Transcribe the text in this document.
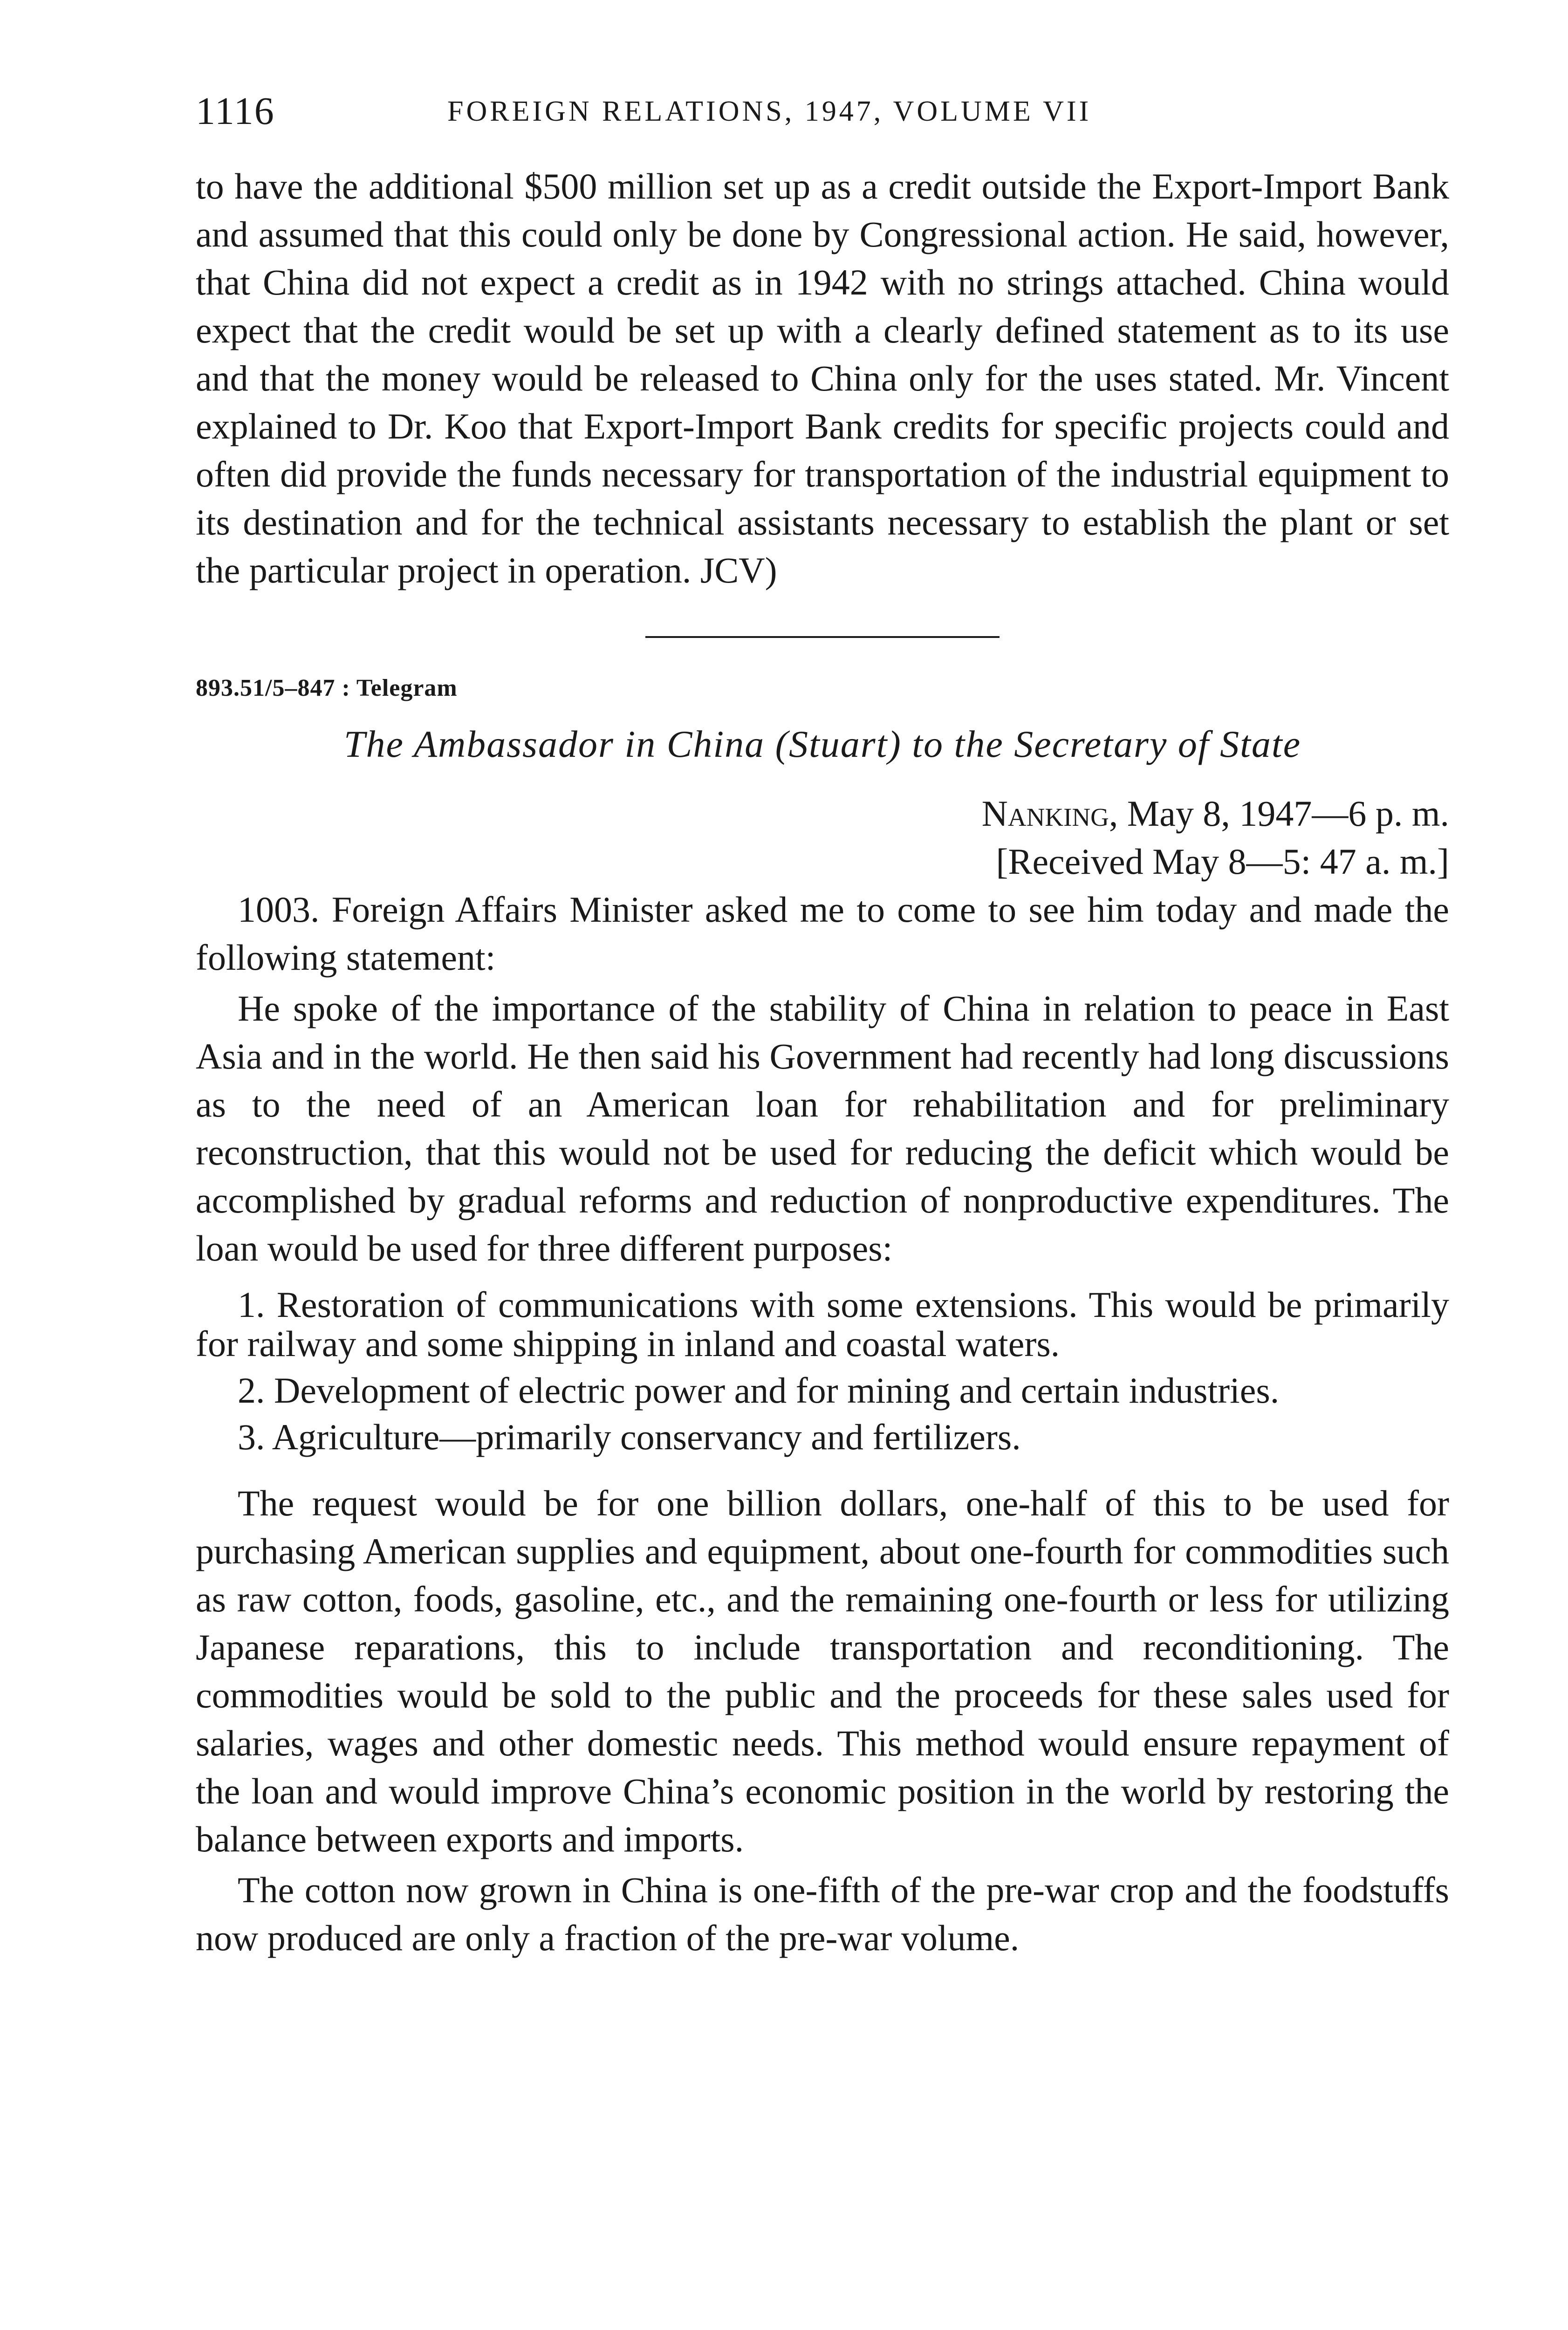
1116	FOREIGN RELATIONS, 1947, VOLUME VII

to have the additional $500 million set up as a credit outside the Export-Import Bank and assumed that this could only be done by Congressional action. He said, however, that China did not expect a credit as in 1942 with no strings attached. China would expect that the credit would be set up with a clearly defined statement as to its use and that the money would be released to China only for the uses stated. Mr. Vincent explained to Dr. Koo that Export-Import Bank credits for specific projects could and often did provide the funds necessary for transportation of the industrial equipment to its destination and for the technical assistants necessary to establish the plant or set the particular project in operation. JCV)

893.51/5–847 : Telegram
The Ambassador in China (Stuart) to the Secretary of State
Nanking, May 8, 1947—6 p. m.
[Received May 8—5: 47 a. m.]

1003. Foreign Affairs Minister asked me to come to see him today and made the following statement:

He spoke of the importance of the stability of China in relation to peace in East Asia and in the world. He then said his Government had recently had long discussions as to the need of an American loan for rehabilitation and for preliminary reconstruction, that this would not be used for reducing the deficit which would be accomplished by gradual reforms and reduction of nonproductive expenditures. The loan would be used for three different purposes:

1. Restoration of communications with some extensions. This would be primarily for railway and some shipping in inland and coastal waters.

2. Development of electric power and for mining and certain industries.

3. Agriculture—primarily conservancy and fertilizers.

The request would be for one billion dollars, one-half of this to be used for purchasing American supplies and equipment, about one-fourth for commodities such as raw cotton, foods, gasoline, etc., and the remaining one-fourth or less for utilizing Japanese reparations, this to include transportation and reconditioning. The commodities would be sold to the public and the proceeds for these sales used for salaries, wages and other domestic needs. This method would ensure repayment of the loan and would improve China’s economic position in the world by restoring the balance between exports and imports.

The cotton now grown in China is one-fifth of the pre-war crop and the foodstuffs now produced are only a fraction of the pre-war volume.
